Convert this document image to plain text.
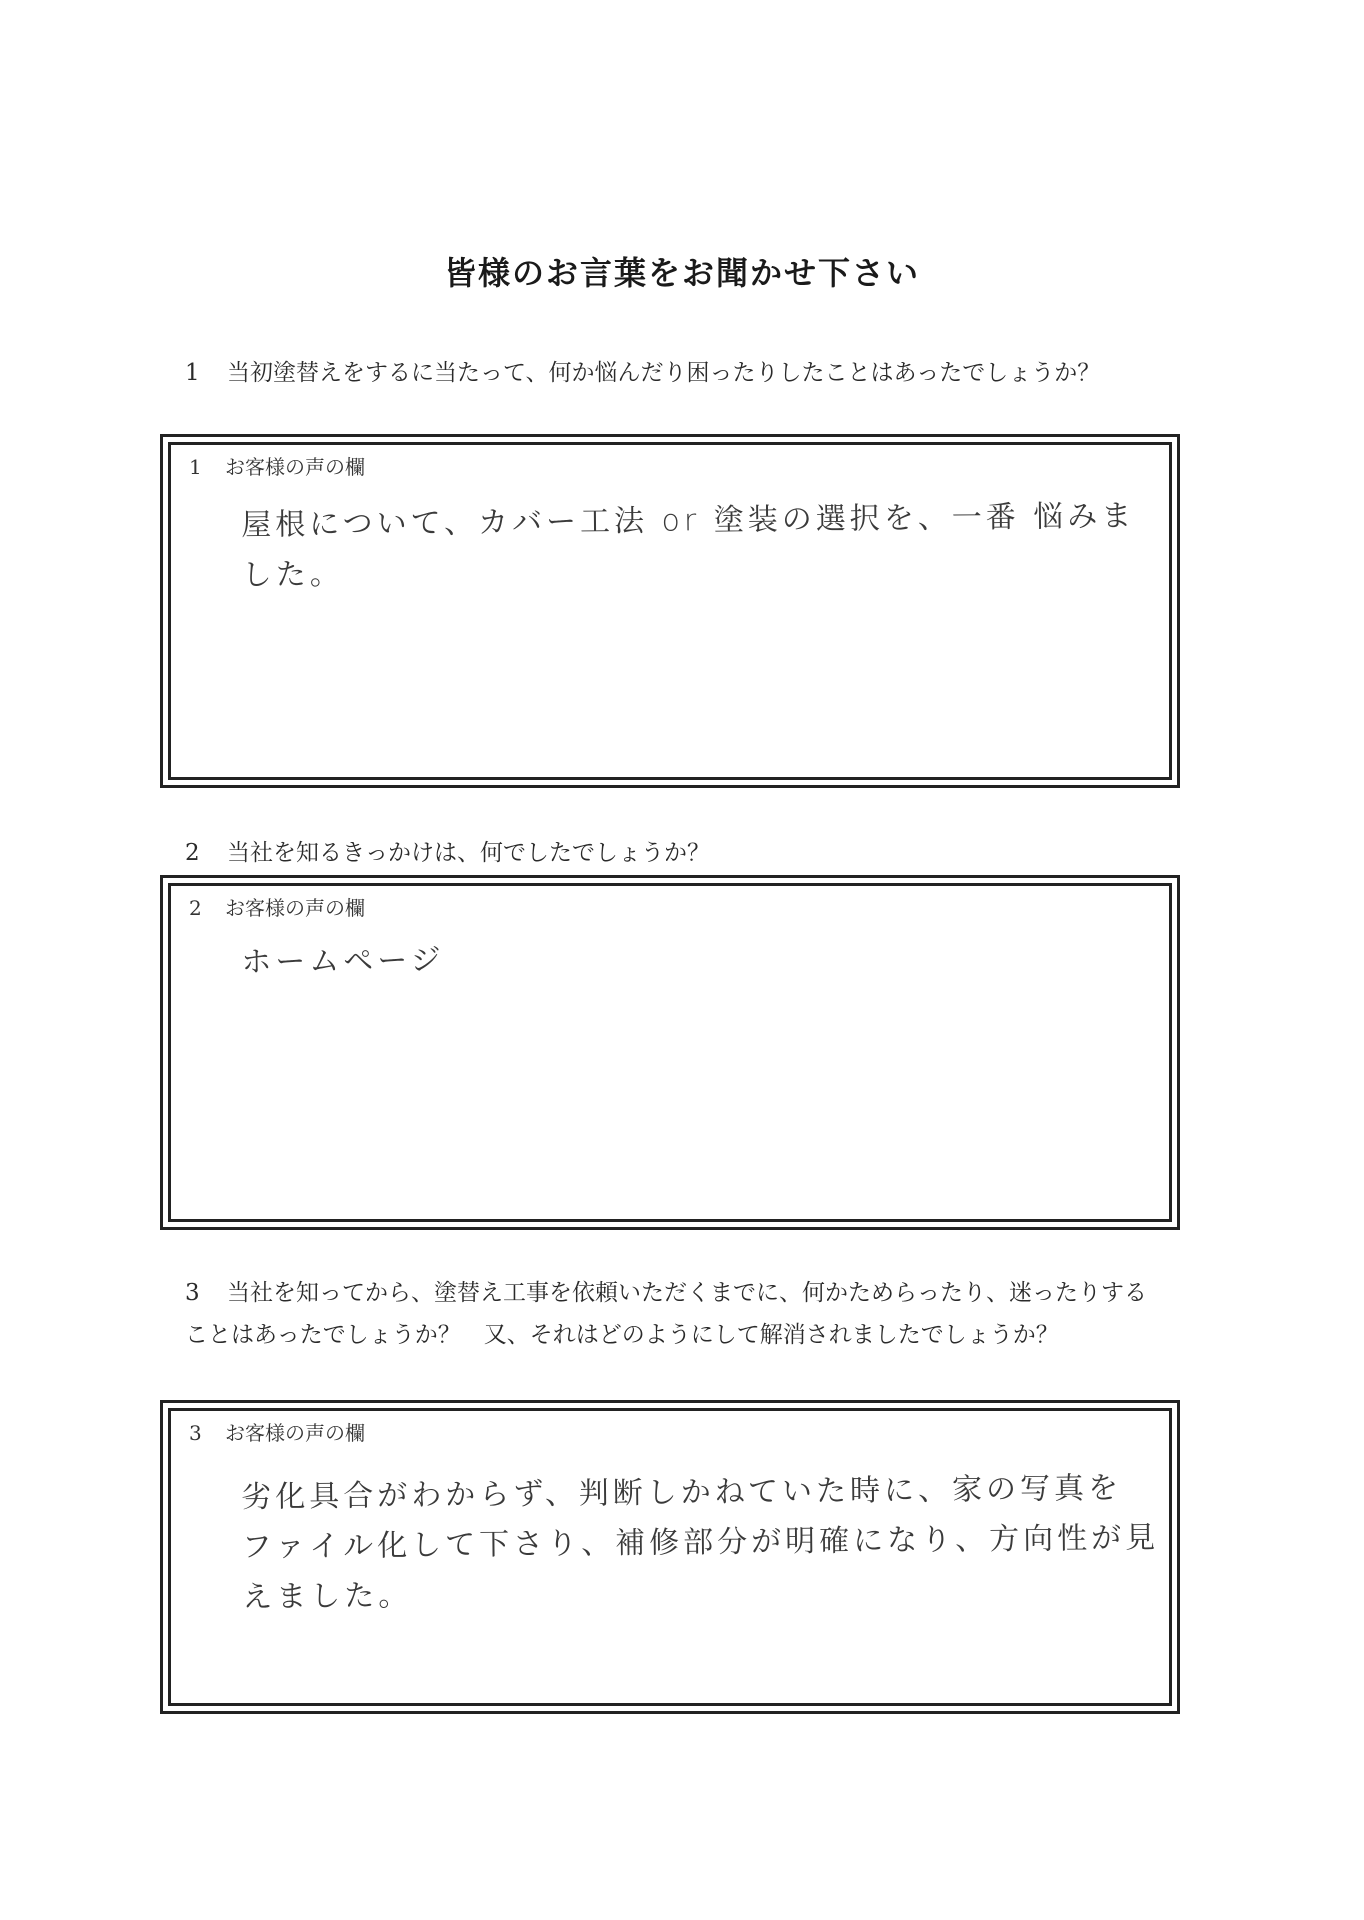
皆様のお言葉をお聞かせ下さい
1 当初塗替えをするに当たって、何か悩んだり困ったりしたことはあったでしょうか？
1 お客様の声の欄
屋根について、カバー工法 or 塗装の選択を、一番 悩みました。
2 当社を知るきっかけは、何でしたでしょうか？
2 お客様の声の欄
ホームページ
3 当社を知ってから、塗替え工事を依頼いただくまでに、何かためらったり、迷ったりすることはあったでしょうか？　又、それはどのようにして解消されましたでしょうか？
3 お客様の声の欄
劣化具合がわからず、判断しかねていた時に、家の写真を
ファイル化して下さり、補修部分が明確になり、方向性が見えました。
